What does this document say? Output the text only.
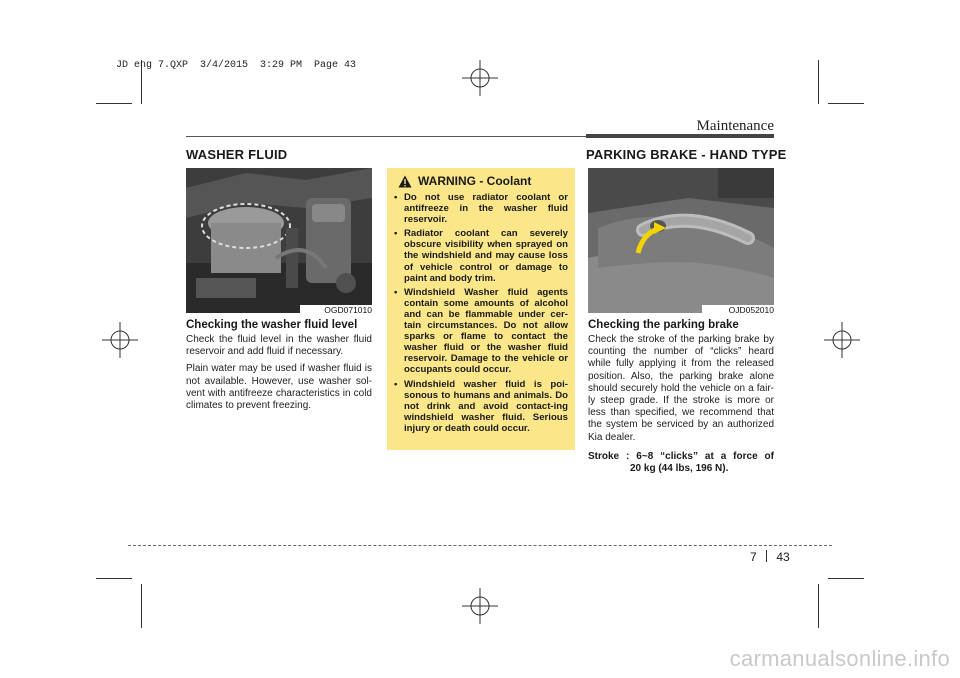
JD eng 7.QXP  3/4/2015  3:29 PM  Page 43
Maintenance
WASHER FLUID
OGD071010
Checking the washer fluid level

Check the fluid level in the washer fluid reservoir and add fluid if necessary.

Plain water may be used if washer fluid is not available. However, use washer sol-vent with antifreeze characteristics in cold climates to prevent freezing.

WARNING - Coolant
• Do not use radiator coolant or antifreeze in the washer fluid reservoir.
• Radiator coolant can severely obscure visibility when sprayed on the windshield and may cause loss of vehicle control or damage to paint and body trim.
• Windshield Washer fluid agents contain some amounts of alcohol and can be flammable under cer-tain circumstances. Do not allow sparks or flame to contact the washer fluid or the washer fluid reservoir. Damage to the vehicle or occupants could occur.
• Windshield washer fluid is poi-sonous to humans and animals. Do not drink and avoid contact-ing windshield washer fluid. Serious injury or death could occur.
PARKING BRAKE - HAND TYPE
OJD052010
Checking the parking brake

Check the stroke of the parking brake by counting the number of “clicks” heard while fully applying it from the released position. Also, the parking brake alone should securely hold the vehicle on a fair-ly steep grade. If the stroke is more or less than specified, we recommend that the system be serviced by an authorized Kia dealer.

Stroke : 6~8 “clicks” at a force of
20 kg (44 lbs, 196 N).
7 43
carmanualsonline.info
